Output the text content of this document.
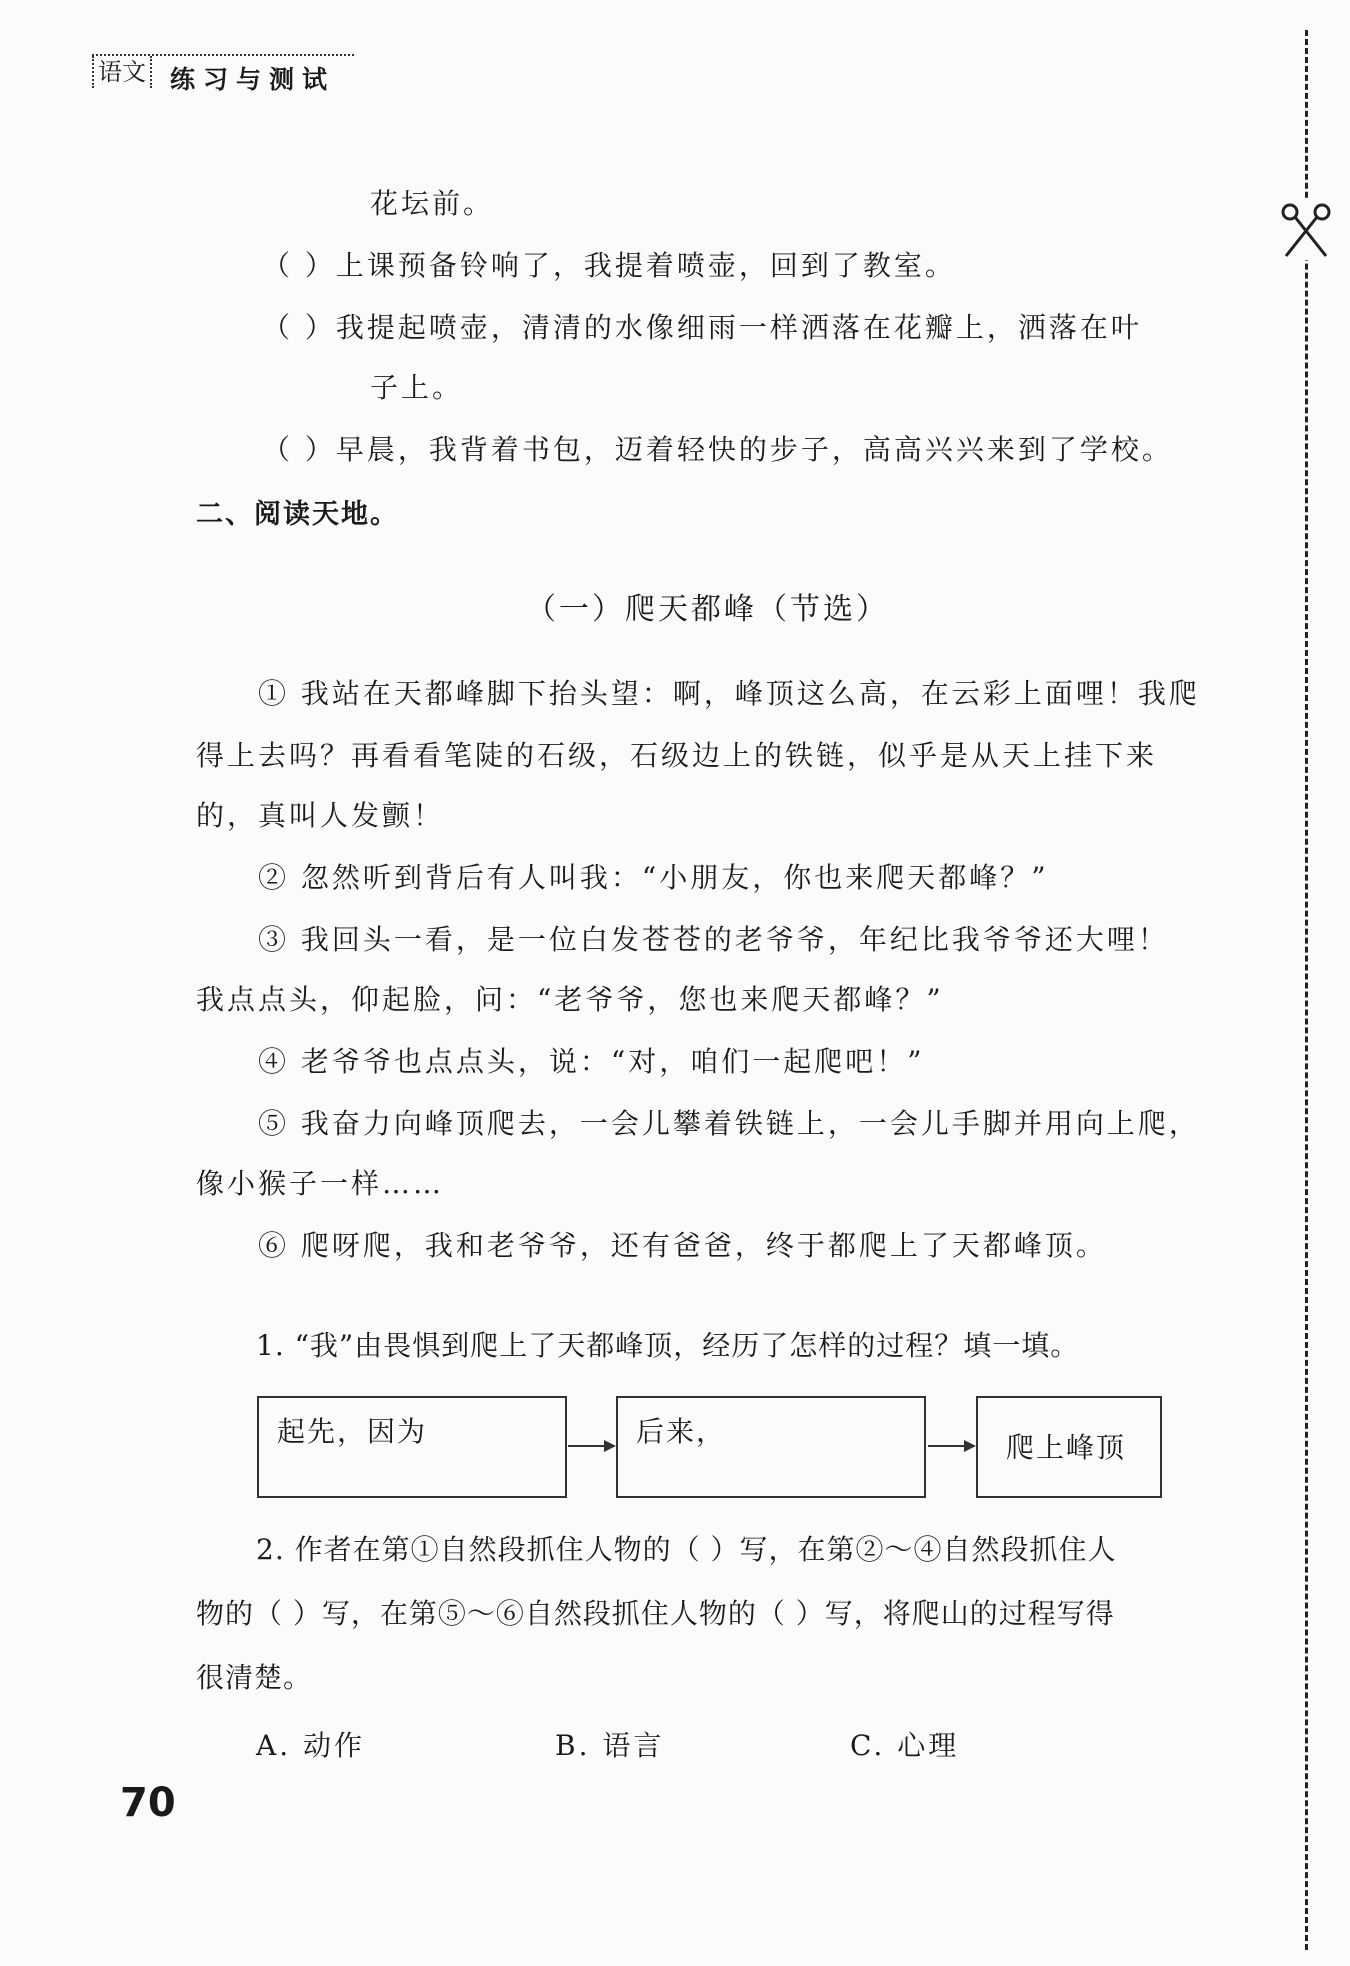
语文 练习与测试
花坛前。
（ ）上课预备铃响了，我提着喷壶，回到了教室。
（ ）我提起喷壶，清清的水像细雨一样洒落在花瓣上，洒落在叶
子上。
（ ）早晨，我背着书包，迈着轻快的步子，高高兴兴来到了学校。
二、阅读天地。
（一）爬天都峰（节选）
① 我站在天都峰脚下抬头望：啊，峰顶这么高，在云彩上面哩！我爬
得上去吗？再看看笔陡的石级，石级边上的铁链，似乎是从天上挂下来
的，真叫人发颤！
② 忽然听到背后有人叫我：“小朋友，你也来爬天都峰？”
③ 我回头一看，是一位白发苍苍的老爷爷，年纪比我爷爷还大哩！
我点点头，仰起脸，问：“老爷爷，您也来爬天都峰？”
④ 老爷爷也点点头，说：“对，咱们一起爬吧！”
⑤ 我奋力向峰顶爬去，一会儿攀着铁链上，一会儿手脚并用向上爬，
像小猴子一样……
⑥ 爬呀爬，我和老爷爷，还有爸爸，终于都爬上了天都峰顶。
1. “我”由畏惧到爬上了天都峰顶，经历了怎样的过程？填一填。
起先，因为	后来，	爬上峰顶
2. 作者在第①自然段抓住人物的（ ）写，在第②～④自然段抓住人
物的（ ）写，在第⑤～⑥自然段抓住人物的（ ）写，将爬山的过程写得
很清楚。
A. 动作	B. 语言	C. 心理
70
